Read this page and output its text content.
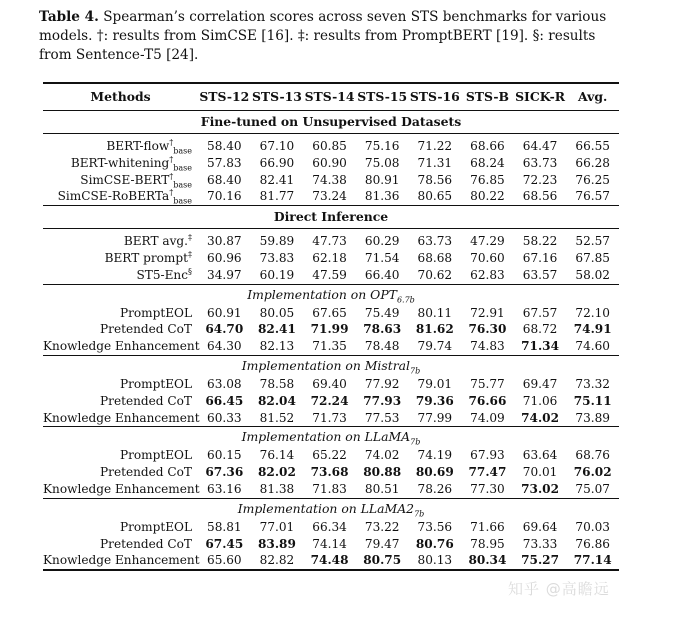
Table 4. Spearman’s correlation scores across seven STS benchmarks for various models. †: results from SimCSE [16]. ‡: results from PromptBERT [19]. §: results from Sentence-T5 [24].
Methods	STS-12	STS-13	STS-14	STS-15	STS-16	STS-B	SICK-R	Avg.
Fine-tuned on Unsupervised Datasets								

BERT-flow†$_{base}$	58.40	67.10	60.85	75.16	71.22	68.66	64.47	66.55
BERT-whitening†$_{base}$	57.83	66.90	60.90	75.08	71.31	68.24	63.73	66.28
SimCSE-$BERT^\dagger_{base}$	68.40	82.41	74.38	80.91	78.56	76.85	72.23	76.25
SimCSE-RoBERTa†$_{base}$	70.16	81.77	73.24	81.36	80.65	80.22	68.56	76.57
Direct Inference								

BERT avg.‡	30.87	59.89	47.73	60.29	63.73	47.29	58.22	52.57
BERT prompt‡	60.96	73.83	62.18	71.54	68.68	70.60	67.16	67.85
ST5-Enc§	34.97	60.19	47.59	66.40	70.62	62.83	63.57	58.02
Implementation on $OPT_{6.7b}$
PromptEOL	60.91	80.05	67.65	75.49	80.11	72.91	67.57	72.10
Pretended CoT	64.70	82.41	71.99	78.63	81.62	76.30	68.72	74.91
Knowledge Enhancement	64.30	82.13	71.35	78.48	79.74	74.83	71.34	74.60
Implementation on Mistral$_{7b}$
PromptEOL	63.08	78.58	69.40	77.92	79.01	75.77	69.47	73.32
Pretended CoT	66.45	82.04	72.24	77.93	79.36	76.66	71.06	75.11
Knowledge Enhancement	60.33	81.52	71.73	77.53	77.99	74.09	74.02	73.89
Implementation on LLaMA$_{7b}$
PromptEOL	60.15	76.14	65.22	74.02	74.19	67.93	63.64	68.76
Pretended CoT	67.36	82.02	73.68	80.88	80.69	77.47	70.01	76.02
Knowledge Enhancement	63.16	81.38	71.83	80.51	78.26	77.30	73.02	75.07
Implementation on $LLaMA2_{7b}$
PromptEOL	58.81	77.01	66.34	73.22	73.56	71.66	69.64	70.03
Pretended CoT	67.45	83.89	74.14	79.47	80.76	78.95	73.33	76.86
Knowledge Enhancement	65.60	82.82	74.48	80.75	80.13	80.34	75.27	77.14
知乎 @高瞻远
